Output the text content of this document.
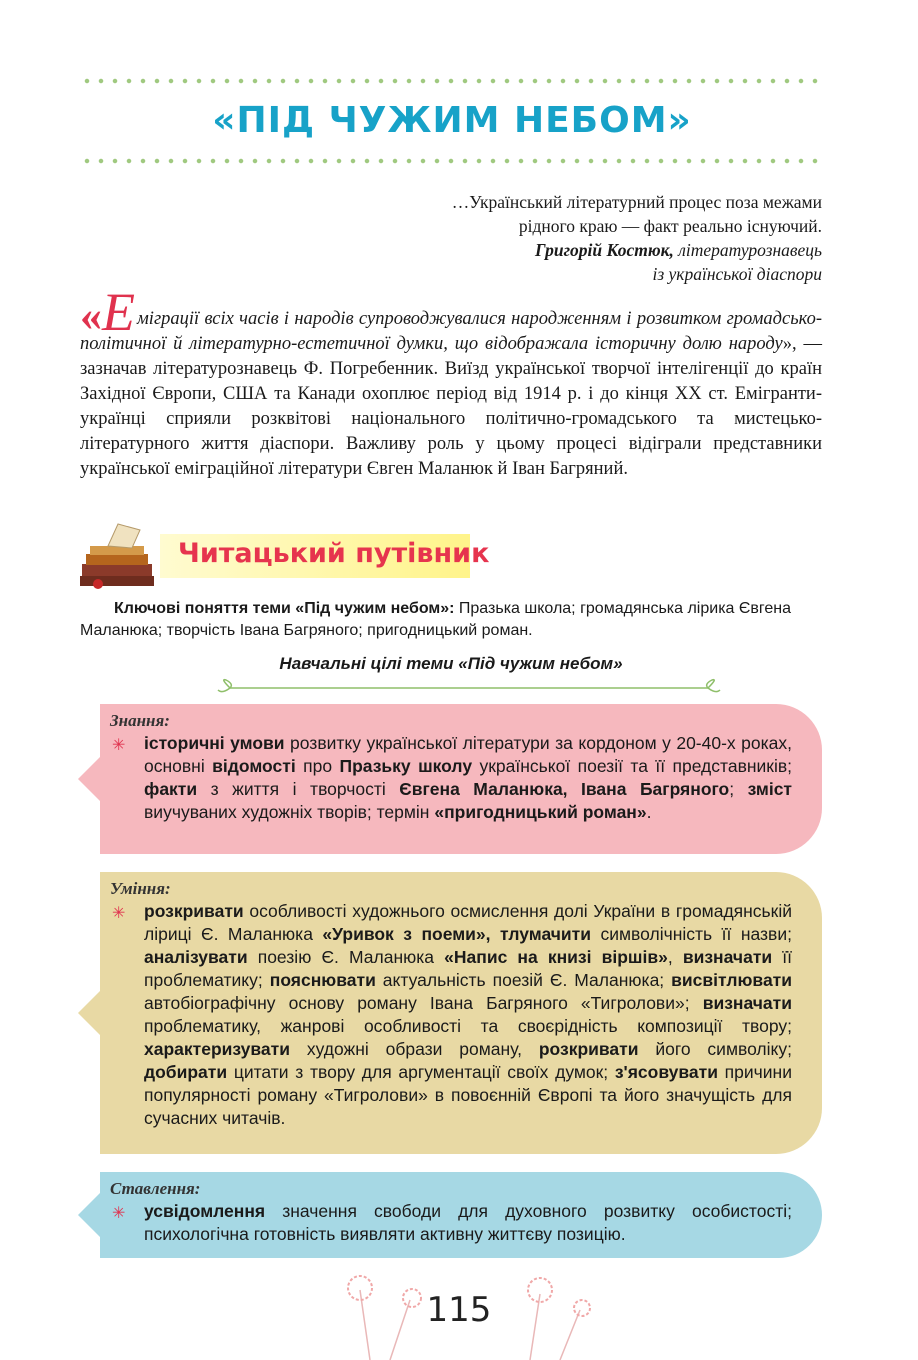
«ПІД ЧУЖИМ НЕБОМ»
…Український літературний процес поза межами
рідного краю — факт реально існуючий.
Григорій Костюк, літературознавець
із української діаспори
«Е міграції всіх часів і народів супроводжувалися народженням і розвитком громадсько-політичної й літературно-естетичної думки, що відображала історичну долю народу», — зазначав літературознавець Ф. Погребенник. Виїзд української творчої інтелігенції до країн Західної Європи, США та Канади охоплює період від 1914 р. і до кінця XX ст. Емігранти-українці сприяли розквітові національного політично-громадського та мистецько-літературного життя діаспори. Важливу роль у цьому процесі відіграли представники української еміграційної літератури Євген Маланюк й Іван Багряний.
Читацький путівник
Ключові поняття теми «Під чужим небом»: Празька школа; громадянська лірика Євгена Маланюка; творчість Івана Багряного; пригодницький роман.
Навчальні цілі теми «Під чужим небом»
Знання:
✳ історичні умови розвитку української літератури за кордоном у 20-40-х роках, основні відомості про Празьку школу української поезії та її представників; факти з життя і творчості Євгена Маланюка, Івана Багряного; зміст виучуваних художніх творів; термін «пригодницький роман».
Уміння:
✳ розкривати особливості художнього осмислення долі України в громадянській ліриці Є. Маланюка «Уривок з поеми», тлумачити символічність її назви; аналізувати поезію Є. Маланюка «Напис на книзі віршів», визначати її проблематику; пояснювати актуальність поезій Є. Маланюка; висвітлювати автобіографічну основу роману Івана Багряного «Тигролови»; визначати проблематику, жанрові особливості та своєрідність композиції твору; характеризувати художні образи роману, розкривати його символіку; добирати цитати з твору для аргументації своїх думок; з'ясовувати причини популярності роману «Тигролови» в повоєнній Європі та його значущість для сучасних читачів.
Ставлення:
✳ усвідомлення значення свободи для духовного розвитку особистості; психологічна готовність виявляти активну життєву позицію.
115
